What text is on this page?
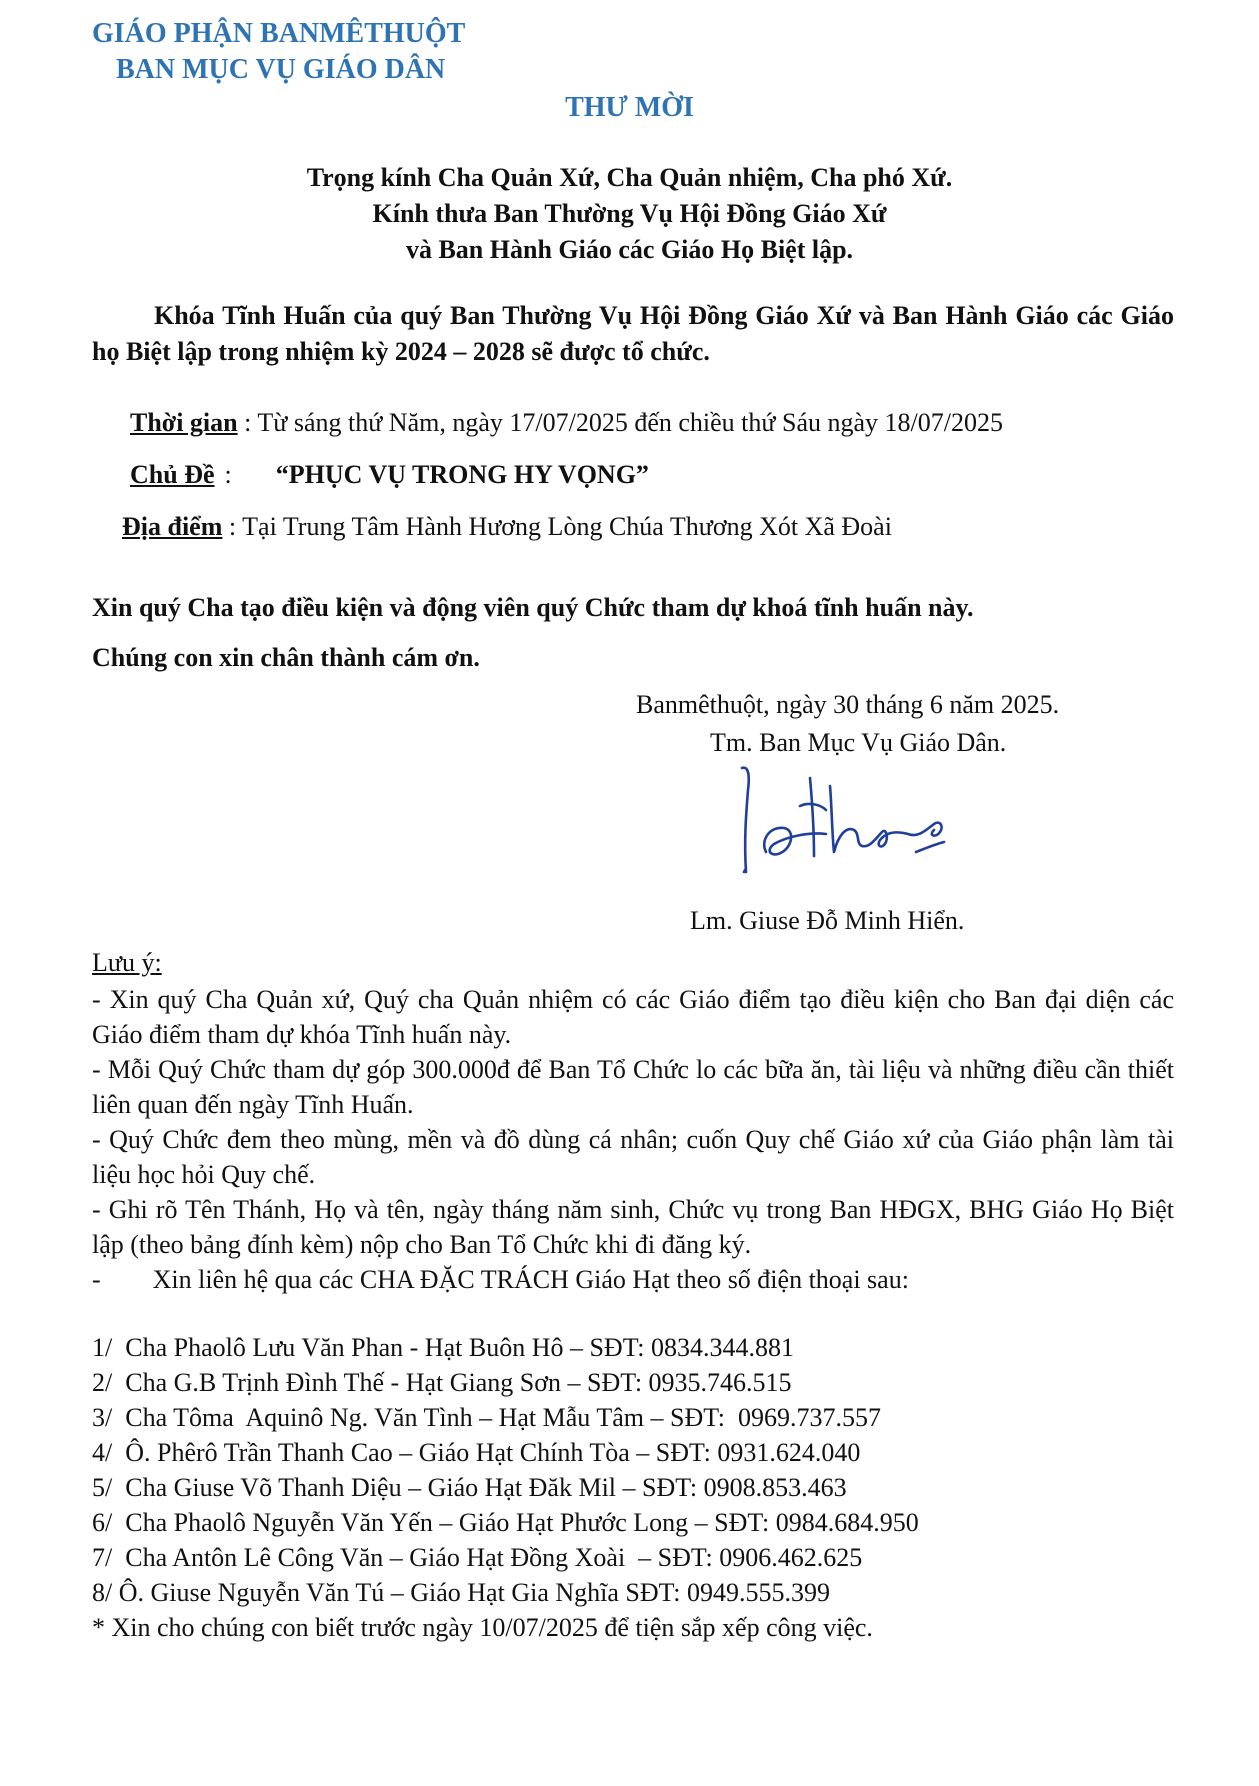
GIÁO PHẬN BANMÊTHUỘT
BAN MỤC VỤ GIÁO DÂN
THƯ MỜI
Trọng kính Cha Quản Xứ, Cha Quản nhiệm, Cha phó Xứ.
Kính thưa Ban Thường Vụ Hội Đồng Giáo Xứ
và Ban Hành Giáo các Giáo Họ Biệt lập.
Khóa Tĩnh Huấn của quý Ban Thường Vụ Hội Đồng Giáo Xứ và Ban Hành Giáo các Giáo họ Biệt lập trong nhiệm kỳ 2024 – 2028 sẽ được tổ chức.
Thời gian : Từ sáng thứ Năm, ngày 17/07/2025 đến chiều thứ Sáu ngày 18/07/2025
Chủ Đề : “PHỤC VỤ TRONG HY VỌNG”
Địa điểm : Tại Trung Tâm Hành Hương Lòng Chúa Thương Xót Xã Đoài
Xin quý Cha tạo điều kiện và động viên quý Chức tham dự khoá tĩnh huấn này.
Chúng con xin chân thành cám ơn.
Banmêthuột, ngày 30 tháng 6 năm 2025.
Tm. Ban Mục Vụ Giáo Dân.
Lm. Giuse Đỗ Minh Hiển.
Lưu ý:

- Xin quý Cha Quản xứ, Quý cha Quản nhiệm có các Giáo điểm tạo điều kiện cho Ban đại diện các Giáo điểm tham dự khóa Tĩnh huấn này.

- Mỗi Quý Chức tham dự góp 300.000đ để Ban Tổ Chức lo các bữa ăn, tài liệu và những điều cần thiết liên quan đến ngày Tĩnh Huấn.

- Quý Chức đem theo mùng, mền và đồ dùng cá nhân; cuốn Quy chế Giáo xứ của Giáo phận làm tài liệu học hỏi Quy chế.

- Ghi rõ Tên Thánh, Họ và tên, ngày tháng năm sinh, Chức vụ trong Ban HĐGX, BHG Giáo Họ Biệt lập (theo bảng đính kèm) nộp cho Ban Tổ Chức khi đi đăng ký.

-        Xin liên hệ qua các CHA ĐẶC TRÁCH Giáo Hạt theo số điện thoại sau:

1/  Cha Phaolô Lưu Văn Phan - Hạt Buôn Hô – SĐT: 0834.344.881
2/  Cha G.B Trịnh Đình Thế - Hạt Giang Sơn – SĐT: 0935.746.515
3/  Cha Tôma  Aquinô Ng. Văn Tình – Hạt Mẫu Tâm – SĐT:  0969.737.557
4/  Ô. Phêrô Trần Thanh Cao – Giáo Hạt Chính Tòa – SĐT: 0931.624.040
5/  Cha Giuse Võ Thanh Diệu – Giáo Hạt Đăk Mil – SĐT: 0908.853.463
6/  Cha Phaolô Nguyễn Văn Yến – Giáo Hạt Phước Long – SĐT: 0984.684.950
7/  Cha Antôn Lê Công Văn – Giáo Hạt Đồng Xoài  – SĐT: 0906.462.625
8/ Ô. Giuse Nguyễn Văn Tú – Giáo Hạt Gia Nghĩa SĐT: 0949.555.399
* Xin cho chúng con biết trước ngày 10/07/2025 để tiện sắp xếp công việc.
